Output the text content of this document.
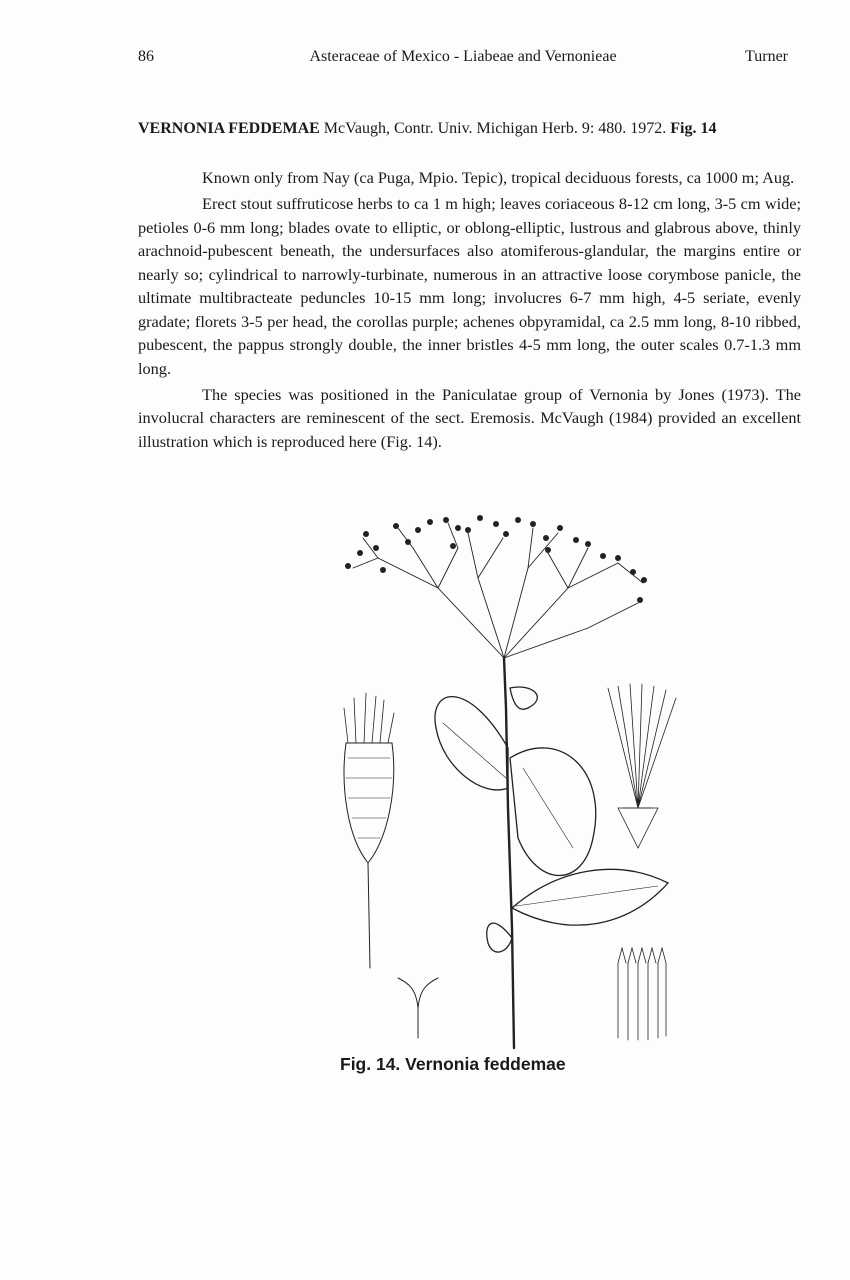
86	Asteraceae of Mexico - Liabeae and Vernonieae	Turner
VERNONIA FEDDEMAE McVaugh, Contr. Univ. Michigan Herb. 9: 480. 1972. Fig. 14

Known only from Nay (ca Puga, Mpio. Tepic), tropical deciduous forests, ca 1000 m; Aug.

Erect stout suffruticose herbs to ca 1 m high; leaves coriaceous 8-12 cm long, 3-5 cm wide; petioles 0-6 mm long; blades ovate to elliptic, or oblong-elliptic, lustrous and glabrous above, thinly arachnoid-pubescent beneath, the undersurfaces also atomiferous-glandular, the margins entire or nearly so; cylindrical to narrowly-turbinate, numerous in an attractive loose corymbose panicle, the ultimate multibracteate peduncles 10-15 mm long; involucres 6-7 mm high, 4-5 seriate, evenly gradate; florets 3-5 per head, the corollas purple; achenes obpyramidal, ca 2.5 mm long, 8-10 ribbed, pubescent, the pappus strongly double, the inner bristles 4-5 mm long, the outer scales 0.7-1.3 mm long.

The species was positioned in the Paniculatae group of Vernonia by Jones (1973). The involucral characters are reminescent of the sect. Eremosis. McVaugh (1984) provided an excellent illustration which is reproduced here (Fig. 14).

Fig. 14. Vernonia feddemae
